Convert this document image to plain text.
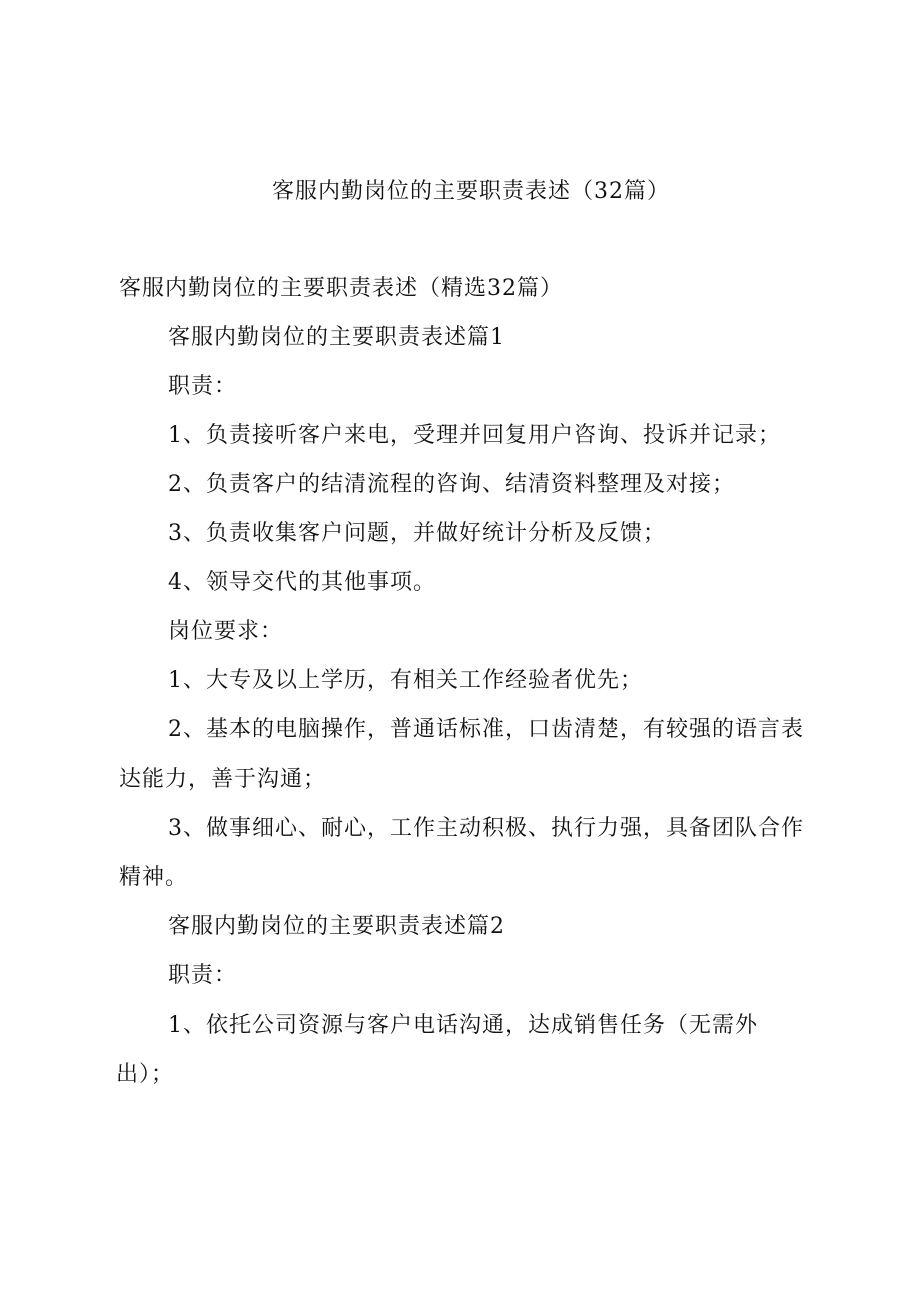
客服内勤岗位的主要职责表述（32篇）
客服内勤岗位的主要职责表述（精选32篇）
客服内勤岗位的主要职责表述篇1
职责：
1、负责接听客户来电，受理并回复用户咨询、投诉并记录；
2、负责客户的结清流程的咨询、结清资料整理及对接；
3、负责收集客户问题，并做好统计分析及反馈；
4、领导交代的其他事项。
岗位要求：
1、大专及以上学历，有相关工作经验者优先；
2、基本的电脑操作，普通话标准，口齿清楚，有较强的语言表
达能力，善于沟通；
3、做事细心、耐心，工作主动积极、执行力强，具备团队合作
精神。
客服内勤岗位的主要职责表述篇2
职责：
1、依托公司资源与客户电话沟通，达成销售任务（无需外
出）；
